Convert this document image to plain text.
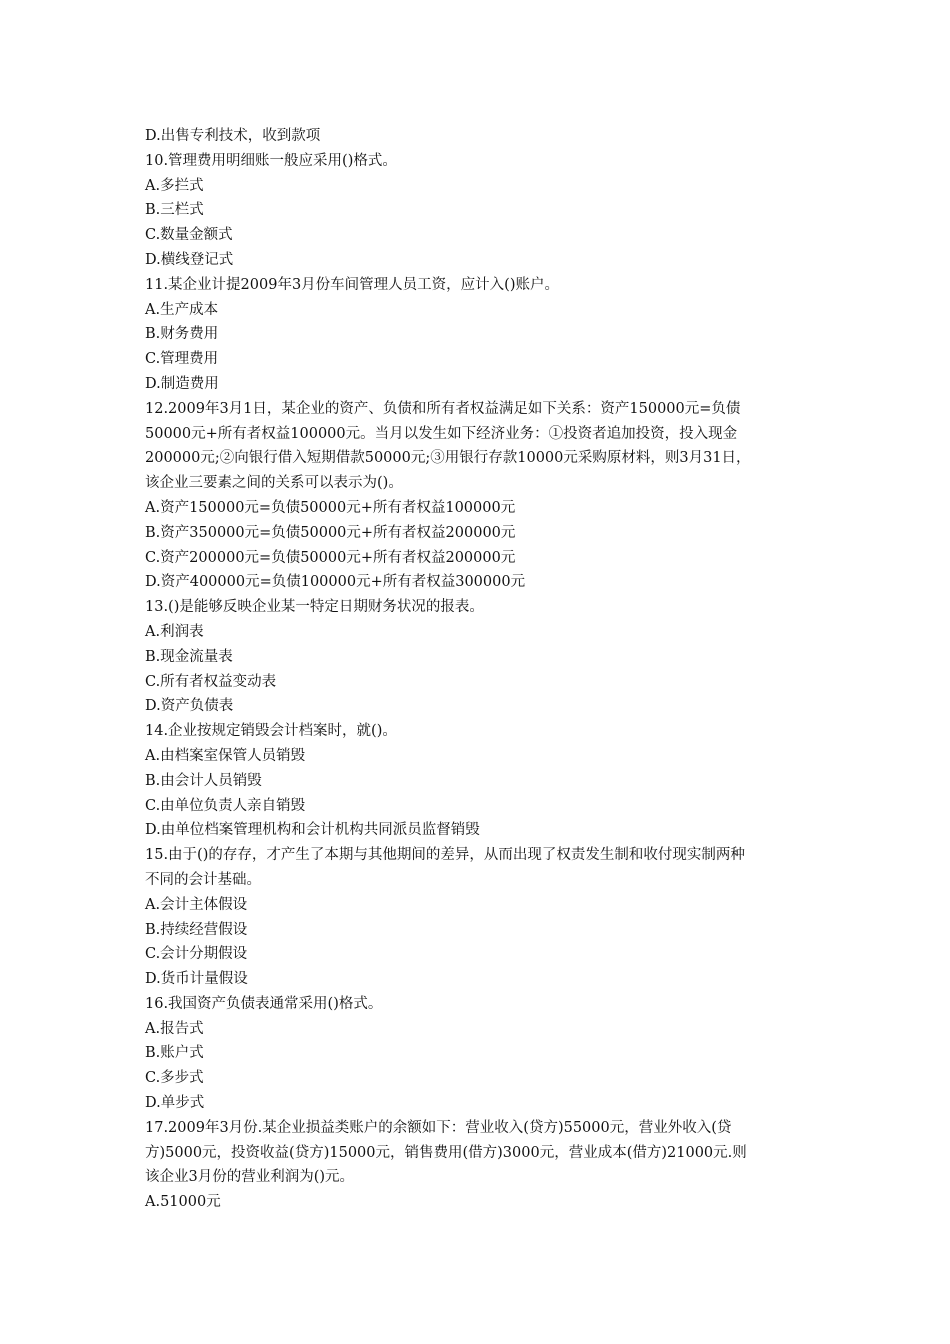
D.出售专利技术，收到款项
10.管理费用明细账一般应采用()格式。
A.多拦式
B.三栏式
C.数量金额式
D.横线登记式
11.某企业计提2009年3月份车间管理人员工资，应计入()账户。
A.生产成本
B.财务费用
C.管理费用
D.制造费用
12.2009年3月1日，某企业的资产、负债和所有者权益满足如下关系：资产150000元=负债
50000元+所有者权益100000元。当月以发生如下经济业务：①投资者追加投资，投入现金
200000元;②向银行借入短期借款50000元;③用银行存款10000元采购原材料，则3月31日，
该企业三要素之间的关系可以表示为()。
A.资产150000元=负债50000元+所有者权益100000元
B.资产350000元=负债50000元+所有者权益200000元
C.资产200000元=负债50000元+所有者权益200000元
D.资产400000元=负债100000元+所有者权益300000元
13.()是能够反映企业某一特定日期财务状况的报表。
A.利润表
B.现金流量表
C.所有者权益变动表
D.资产负债表
14.企业按规定销毁会计档案时，就()。
A.由档案室保管人员销毁
B.由会计人员销毁
C.由单位负责人亲自销毁
D.由单位档案管理机构和会计机构共同派员监督销毁
15.由于()的存存，才产生了本期与其他期间的差异，从而出现了权责发生制和收付现实制两种
不同的会计基础。
A.会计主体假设
B.持续经营假设
C.会计分期假设
D.货币计量假设
16.我国资产负债表通常采用()格式。
A.报告式
B.账户式
C.多步式
D.单步式
17.2009年3月份.某企业损益类账户的余额如下：营业收入(贷方)55000元，营业外收入(贷
方)5000元，投资收益(贷方)15000元，销售费用(借方)3000元，营业成本(借方)21000元.则
该企业3月份的营业利润为()元。
A.51000元
